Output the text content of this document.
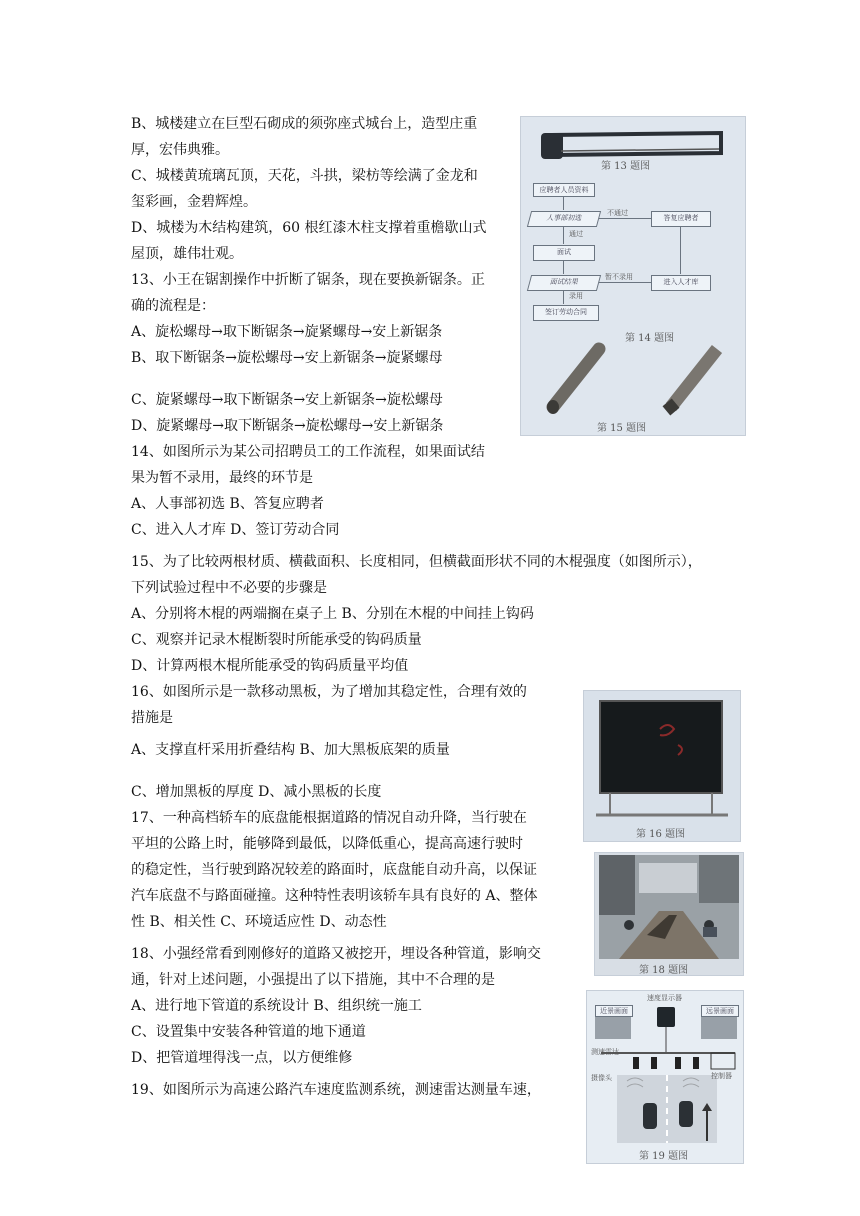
B、城楼建立在巨型石砌成的须弥座式城台上，造型庄重
厚，宏伟典雅。
C、城楼黄琉璃瓦顶，天花，斗拱，梁枋等绘满了金龙和
玺彩画，金碧辉煌。
D、城楼为木结构建筑，60 根红漆木柱支撑着重檐歇山式
屋顶，雄伟壮观。
13、小王在锯割操作中折断了锯条，现在要换新锯条。正
确的流程是：
A、旋松螺母→取下断锯条→旋紧螺母→安上新锯条
B、取下断锯条→旋松螺母→安上新锯条→旋紧螺母
C、旋紧螺母→取下断锯条→安上新锯条→旋松螺母
D、旋紧螺母→取下断锯条→旋松螺母→安上新锯条
14、如图所示为某公司招聘员工的工作流程，如果面试结
果为暂不录用，最终的环节是
A、人事部初选 B、答复应聘者
C、进入人才库 D、签订劳动合同
15、为了比较两根材质、横截面积、长度相同，但横截面形状不同的木棍强度（如图所示），
下列试验过程中不必要的步骤是
A、分别将木棍的两端搁在桌子上 B、分别在木棍的中间挂上钩码
C、观察并记录木棍断裂时所能承受的钩码质量
D、计算两根木棍所能承受的钩码质量平均值
16、如图所示是一款移动黑板，为了增加其稳定性，合理有效的
措施是
A、支撑直杆采用折叠结构 B、加大黑板底架的质量
C、增加黑板的厚度 D、减小黑板的长度
17、一种高档轿车的底盘能根据道路的情况自动升降，当行驶在
平坦的公路上时，能够降到最低，以降低重心，提高高速行驶时
的稳定性，当行驶到路况较差的路面时，底盘能自动升高，以保证
汽车底盘不与路面碰撞。这种特性表明该轿车具有良好的 A、整体
性 B、相关性 C、环境适应性 D、动态性
18、小强经常看到刚修好的道路又被挖开，埋设各种管道，影响交
通，针对上述问题，小强提出了以下措施，其中不合理的是
A、进行地下管道的系统设计 B、组织统一施工
C、设置集中安装各种管道的地下通道
D、把管道埋得浅一点，以方便维修
19、如图所示为高速公路汽车速度监测系统，测速雷达测量车速，
第 13 题图
应聘者人员资料
人事部初选
不通过
答复应聘者
通过
面试
面试结果
暂不录用
进入人才库
录用
签订劳动合同
第 14 题图
第 15 题图
第 16 题图
第 18 题图
速度显示器
近景画面	远景画面
测速雷达
摄像头	控制器
第 19 题图
